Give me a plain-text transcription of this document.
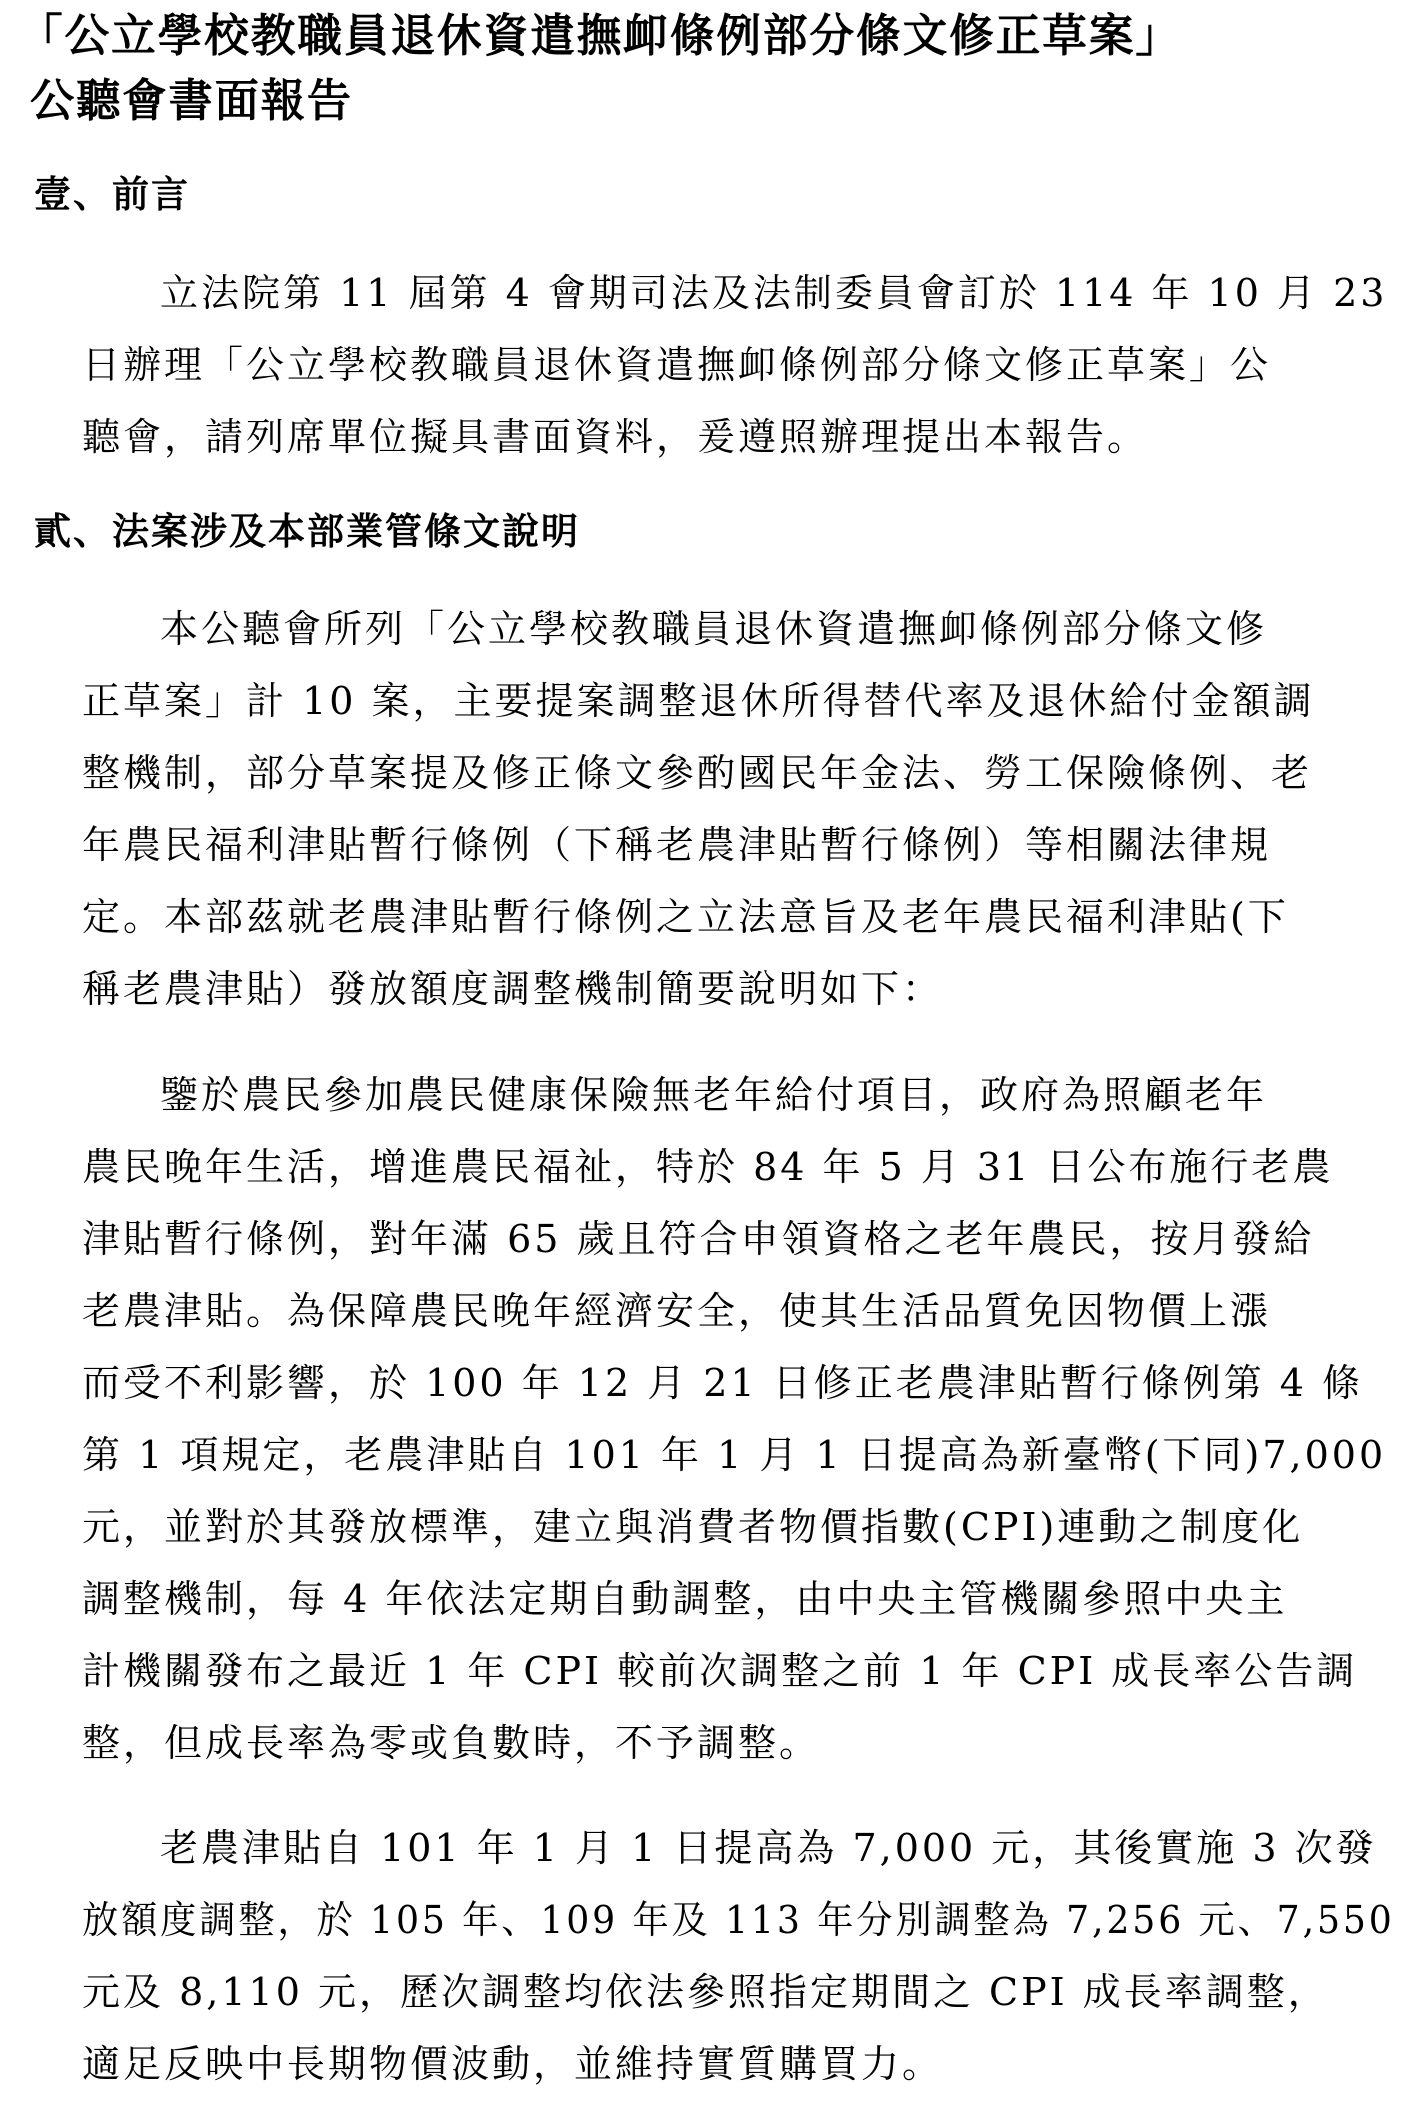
「公立學校教職員退休資遣撫卹條例部分條文修正草案」
公聽會書面報告
壹、前言
立法院第 11 屆第 4 會期司法及法制委員會訂於 114 年 10 月 23
日辦理「公立學校教職員退休資遣撫卹條例部分條文修正草案」公
聽會，請列席單位擬具書面資料，爰遵照辦理提出本報告。
貳、法案涉及本部業管條文說明
本公聽會所列「公立學校教職員退休資遣撫卹條例部分條文修
正草案」計 10 案，主要提案調整退休所得替代率及退休給付金額調
整機制，部分草案提及修正條文參酌國民年金法、勞工保險條例、老
年農民福利津貼暫行條例（下稱老農津貼暫行條例）等相關法律規
定。本部茲就老農津貼暫行條例之立法意旨及老年農民福利津貼(下
稱老農津貼）發放額度調整機制簡要說明如下：
鑒於農民參加農民健康保險無老年給付項目，政府為照顧老年
農民晚年生活，增進農民福祉，特於 84 年 5 月 31 日公布施行老農
津貼暫行條例，對年滿 65 歲且符合申領資格之老年農民，按月發給
老農津貼。為保障農民晚年經濟安全，使其生活品質免因物價上漲
而受不利影響，於 100 年 12 月 21 日修正老農津貼暫行條例第 4 條
第 1 項規定，老農津貼自 101 年 1 月 1 日提高為新臺幣(下同)7,000
元，並對於其發放標準，建立與消費者物價指數(CPI)連動之制度化
調整機制，每 4 年依法定期自動調整，由中央主管機關參照中央主
計機關發布之最近 1 年 CPI 較前次調整之前 1 年 CPI 成長率公告調
整，但成長率為零或負數時，不予調整。
老農津貼自 101 年 1 月 1 日提高為 7,000 元，其後實施 3 次發
放額度調整，於 105 年、109 年及 113 年分別調整為 7,256 元、7,550
元及 8,110 元，歷次調整均依法參照指定期間之 CPI 成長率調整，
適足反映中長期物價波動，並維持實質購買力。
